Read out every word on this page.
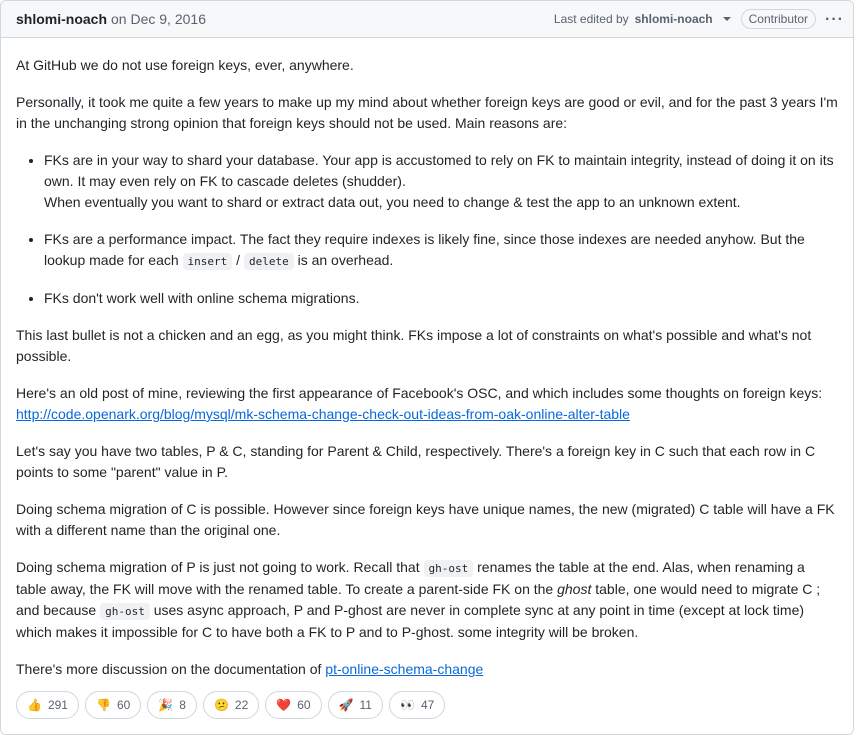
shlomi-noach on Dec 9, 2016	Last edited by shlomi-noach	Contributor	···

At GitHub we do not use foreign keys, ever, anywhere.

Personally, it took me quite a few years to make up my mind about whether foreign keys are good or evil, and for the past 3 years I'm in the unchanging strong opinion that foreign keys should not be used. Main reasons are:

• FKs are in your way to shard your database. Your app is accustomed to rely on FK to maintain integrity, instead of doing it on its own. It may even rely on FK to cascade deletes (shudder).
When eventually you want to shard or extract data out, you need to change & test the app to an unknown extent.
• FKs are a performance impact. The fact they require indexes is likely fine, since those indexes are needed anyhow. But the lookup made for each insert / delete is an overhead.
• FKs don't work well with online schema migrations.

This last bullet is not a chicken and an egg, as you might think. FKs impose a lot of constraints on what's possible and what's not possible.

Here's an old post of mine, reviewing the first appearance of Facebook's OSC, and which includes some thoughts on foreign keys:
http://code.openark.org/blog/mysql/mk-schema-change-check-out-ideas-from-oak-online-alter-table

Let's say you have two tables, P & C, standing for Parent & Child, respectively. There's a foreign key in C such that each row in C points to some "parent" value in P.

Doing schema migration of C is possible. However since foreign keys have unique names, the new (migrated) C table will have a FK with a different name than the original one.

Doing schema migration of P is just not going to work. Recall that gh-ost renames the table at the end. Alas, when renaming a table away, the FK will move with the renamed table. To create a parent-side FK on the ghost table, one would need to migrate C ; and because gh-ost uses async approach, P and P-ghost are never in complete sync at any point in time (except at lock time) which makes it impossible for C to have both a FK to P and to P-ghost. some integrity will be broken.

There's more discussion on the documentation of pt-online-schema-change

👍 291 👎 60 🎉 8 😕 22 ❤️ 60 🚀 11 👀 47
